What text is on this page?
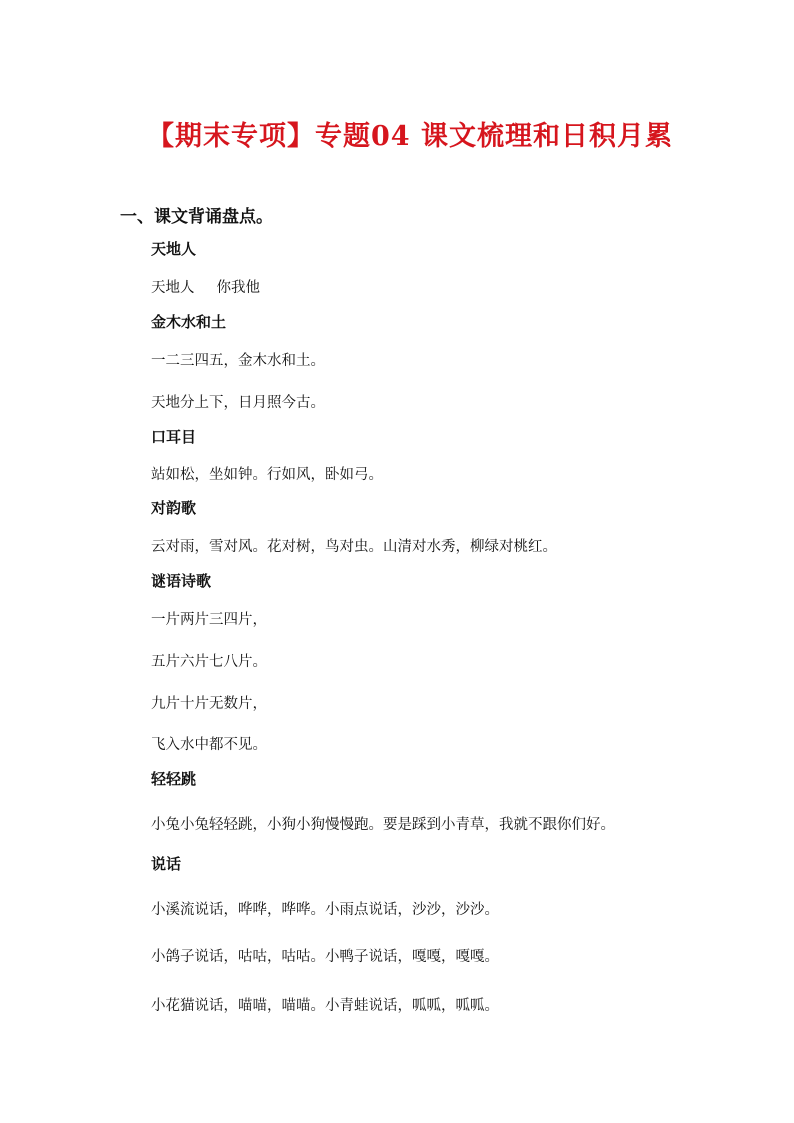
【期末专项】专题04 课文梳理和日积月累
一、课文背诵盘点。
天地人
天地人 你我他
金木水和土
一二三四五，金木水和土。
天地分上下，日月照今古。
口耳目
站如松，坐如钟。行如风，卧如弓。
对韵歌
云对雨，雪对风。花对树，鸟对虫。山清对水秀，柳绿对桃红。
谜语诗歌
一片两片三四片，
五片六片七八片。
九片十片无数片，
飞入水中都不见。
轻轻跳
小兔小兔轻轻跳，小狗小狗慢慢跑。要是踩到小青草，我就不跟你们好。
说话
小溪流说话，哗哗，哗哗。小雨点说话，沙沙，沙沙。
小鸽子说话，咕咕，咕咕。小鸭子说话，嘎嘎，嘎嘎。
小花猫说话，喵喵，喵喵。小青蛙说话，呱呱，呱呱。
